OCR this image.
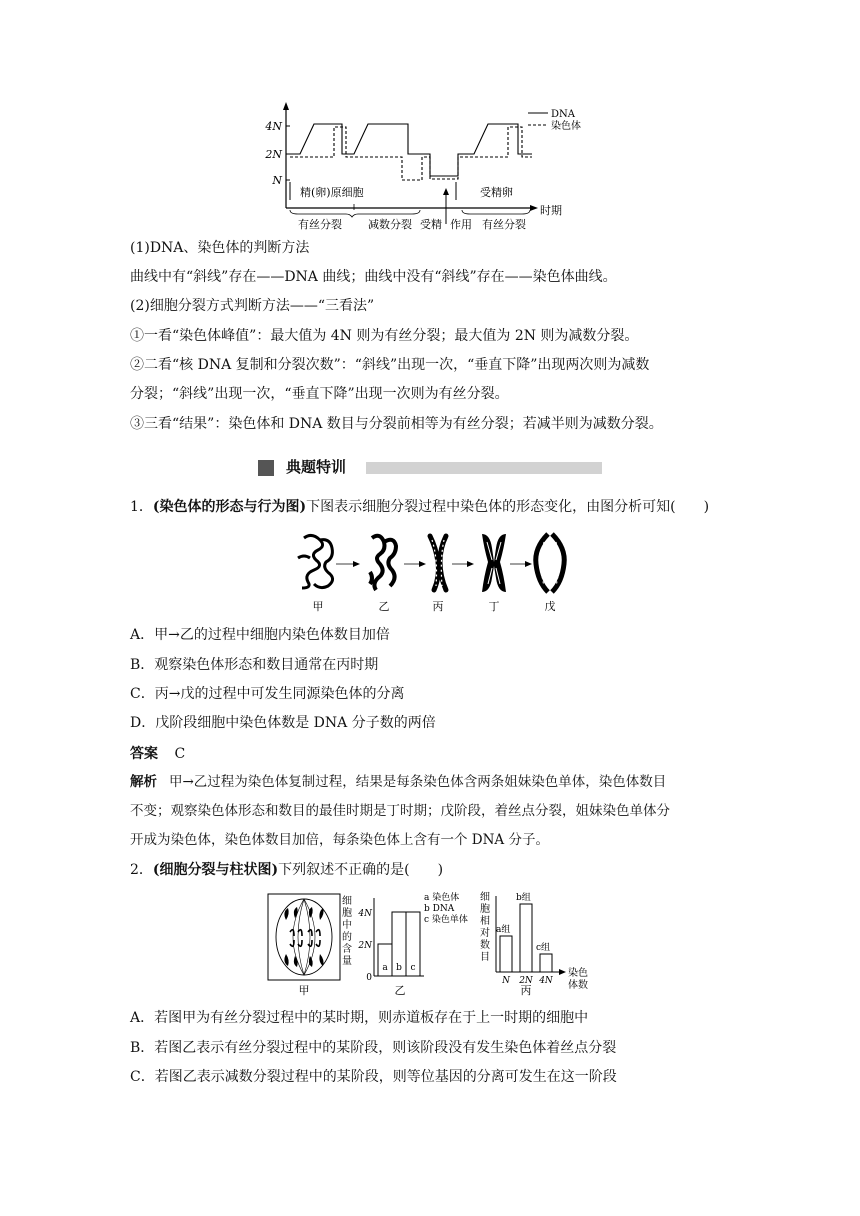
4N
2N
N
DNA
染色体
精(卵)原细胞	受精卵
有丝分裂 减数分裂 受精 作用 有丝分裂
时期
(1)DNA、染色体的判断方法
曲线中有“斜线”存在——DNA 曲线；曲线中没有“斜线”存在——染色体曲线。
(2)细胞分裂方式判断方法——“三看法”
①一看“染色体峰值”：最大值为 4N 则为有丝分裂；最大值为 2N 则为减数分裂。
②二看“核 DNA 复制和分裂次数”：“斜线”出现一次，“垂直下降”出现两次则为减数
分裂；“斜线”出现一次，“垂直下降”出现一次则为有丝分裂。
③三看“结果”：染色体和 DNA 数目与分裂前相等为有丝分裂；若减半则为减数分裂。
典题特训
1．(染色体的形态与行为图)下图表示细胞分裂过程中染色体的形态变化，由图分析可知(　　)
甲	乙	丙	丁	戊
A．甲→乙的过程中细胞内染色体数目加倍
B．观察染色体形态和数目通常在丙时期
C．丙→戊的过程中可发生同源染色体的分离
D．戊阶段细胞中染色体数是 DNA 分子数的两倍
答案 C
解析 甲→乙过程为染色体复制过程，结果是每条染色体含两条姐妹染色单体，染色体数目
不变；观察染色体形态和数目的最佳时期是丁时期；戊阶段，着丝点分裂，姐妹染色单体分
开成为染色体，染色体数目加倍，每条染色体上含有一个 DNA 分子。
2．(细胞分裂与柱状图)下列叙述不正确的是(　　)
甲
细
胞
中
的
含
量
4N
2N
0
a b c
a 染色体
b DNA
c 染色单体
乙
细
胞
相
对
数
目
a组
b组
c组
N 2N 4N
染色
体数
丙
A．若图甲为有丝分裂过程中的某时期，则赤道板存在于上一时期的细胞中
B．若图乙表示有丝分裂过程中的某阶段，则该阶段没有发生染色体着丝点分裂
C．若图乙表示减数分裂过程中的某阶段，则等位基因的分离可发生在这一阶段
